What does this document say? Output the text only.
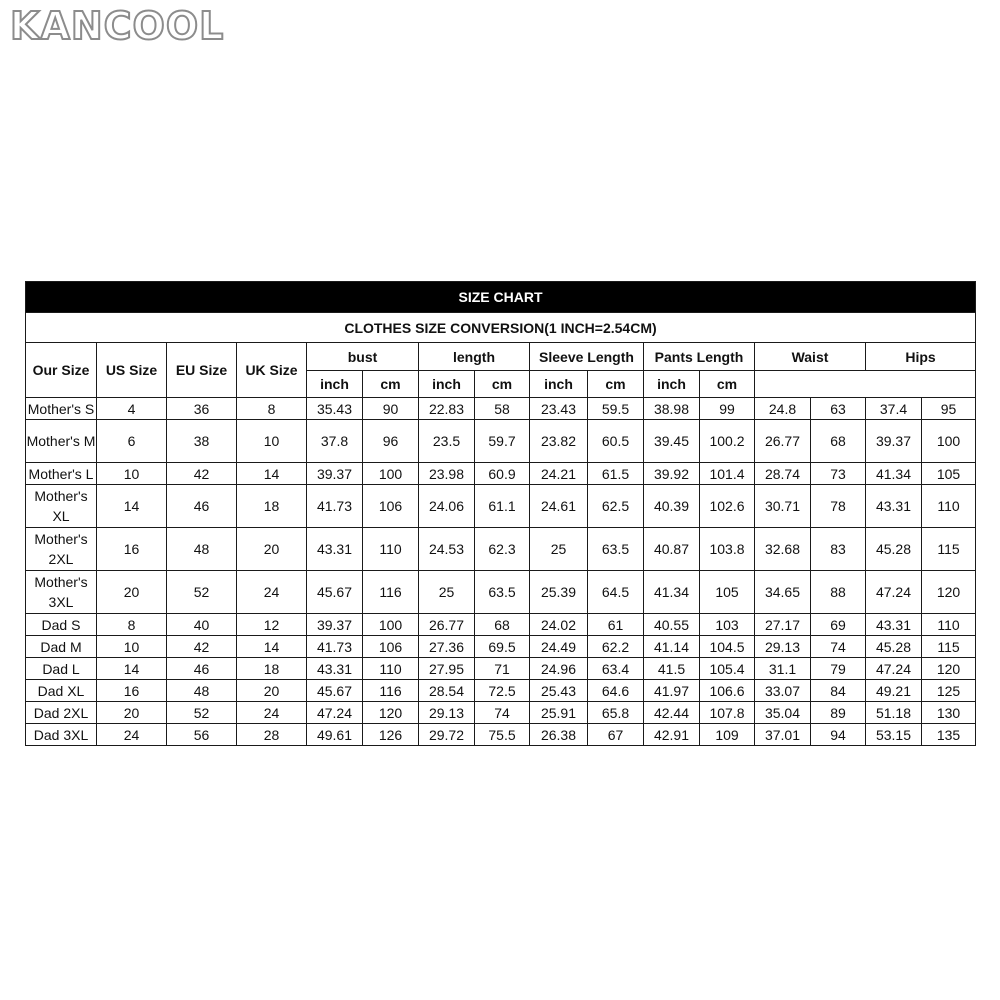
KANCOOL
SIZE CHART															
CLOTHES SIZE CONVERSION(1 INCH=2.54CM)															
Our Size	US Size	EU Size	UK Size	bust		length		Sleeve Length		Pants Length		Waist		Hips	
				inch	cm	inch	cm	inch	cm	inch	cm				
Mother's S	4	36	8	35.43	90	22.83	58	23.43	59.5	38.98	99	24.8	63	37.4	95
Mother's M	6	38	10	37.8	96	23.5	59.7	23.82	60.5	39.45	100.2	26.77	68	39.37	100
Mother's L	10	42	14	39.37	100	23.98	60.9	24.21	61.5	39.92	101.4	28.74	73	41.34	105
Mother's XL	14	46	18	41.73	106	24.06	61.1	24.61	62.5	40.39	102.6	30.71	78	43.31	110
Mother's 2XL	16	48	20	43.31	110	24.53	62.3	25	63.5	40.87	103.8	32.68	83	45.28	115
Mother's 3XL	20	52	24	45.67	116	25	63.5	25.39	64.5	41.34	105	34.65	88	47.24	120
Dad S	8	40	12	39.37	100	26.77	68	24.02	61	40.55	103	27.17	69	43.31	110
Dad M	10	42	14	41.73	106	27.36	69.5	24.49	62.2	41.14	104.5	29.13	74	45.28	115
Dad L	14	46	18	43.31	110	27.95	71	24.96	63.4	41.5	105.4	31.1	79	47.24	120
Dad XL	16	48	20	45.67	116	28.54	72.5	25.43	64.6	41.97	106.6	33.07	84	49.21	125
Dad 2XL	20	52	24	47.24	120	29.13	74	25.91	65.8	42.44	107.8	35.04	89	51.18	130
Dad 3XL	24	56	28	49.61	126	29.72	75.5	26.38	67	42.91	109	37.01	94	53.15	135
